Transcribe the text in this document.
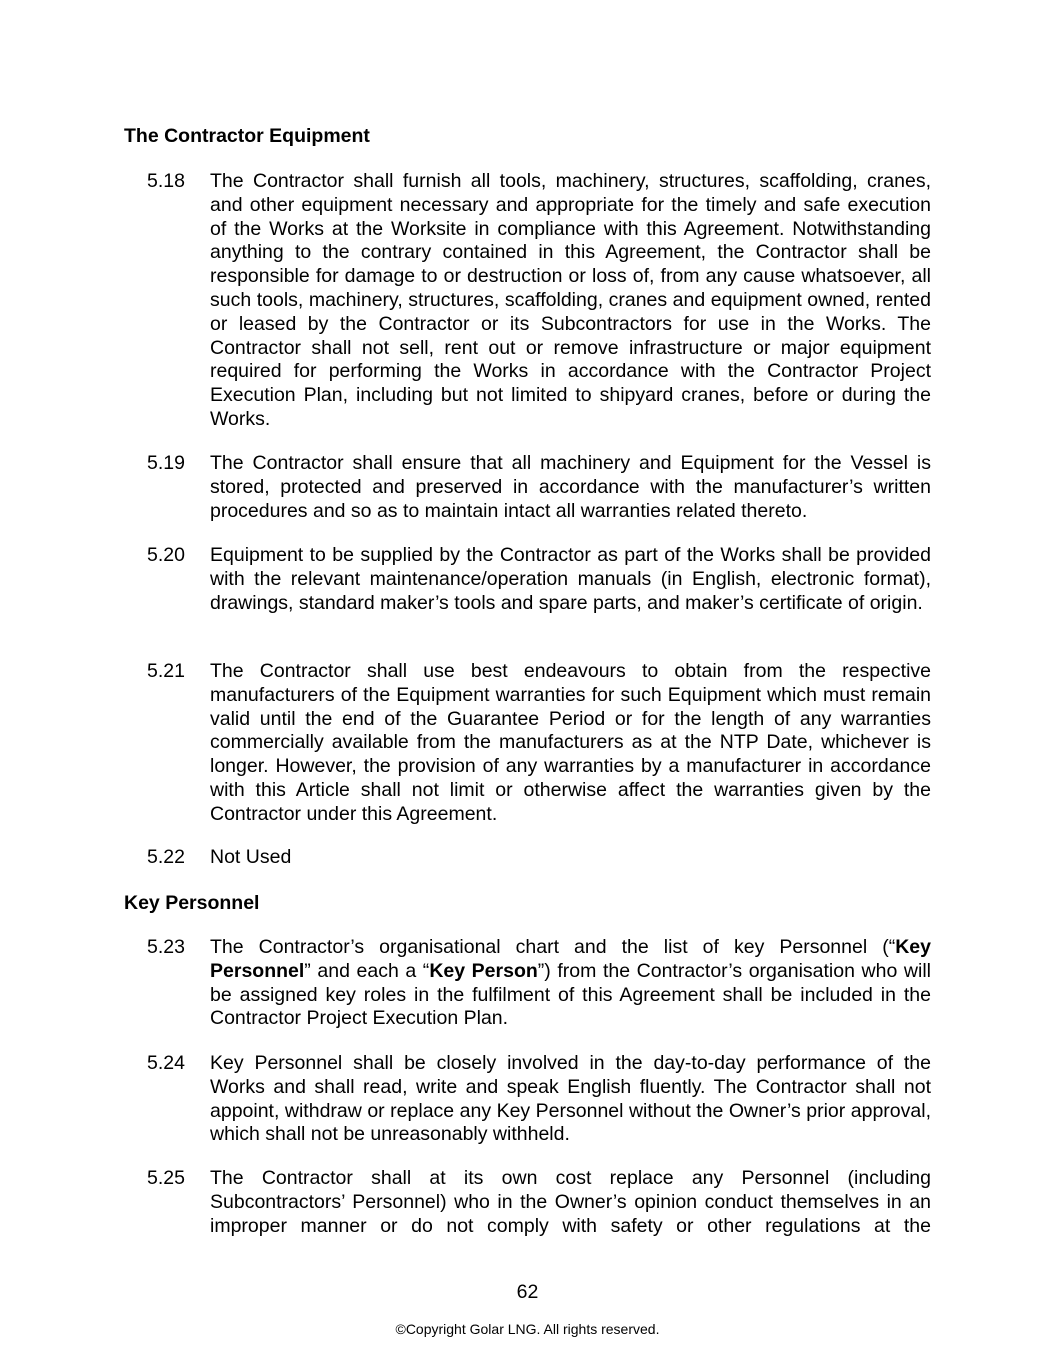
The Contractor Equipment
5.18	The Contractor shall furnish all tools, machinery, structures, scaffolding, cranes, and other equipment necessary and appropriate for the timely and safe execution of the Works at the Worksite in compliance with this Agreement. Notwithstanding anything to the contrary contained in this Agreement, the Contractor shall be responsible for damage to or destruction or loss of, from any cause whatsoever, all such tools, machinery, structures, scaffolding, cranes and equipment owned, rented or leased by the Contractor or its Subcontractors for use in the Works. The Contractor shall not sell, rent out or remove infrastructure or major equipment required for performing the Works in accordance with the Contractor Project Execution Plan, including but not limited to shipyard cranes, before or during the Works.
5.19	The Contractor shall ensure that all machinery and Equipment for the Vessel is stored, protected and preserved in accordance with the manufacturer’s written procedures and so as to maintain intact all warranties related thereto.
5.20	Equipment to be supplied by the Contractor as part of the Works shall be provided with the relevant maintenance/operation manuals (in English, electronic format), drawings, standard maker’s tools and spare parts, and maker’s certificate of origin.
5.21	The Contractor shall use best endeavours to obtain from the respective manufacturers of the Equipment warranties for such Equipment which must remain valid until the end of the Guarantee Period or for the length of any warranties commercially available from the manufacturers as at the NTP Date, whichever is longer. However, the provision of any warranties by a manufacturer in accordance with this Article shall not limit or otherwise affect the warranties given by the Contractor under this Agreement.
5.22	Not Used
Key Personnel
5.23	The Contractor’s organisational chart and the list of key Personnel (“Key Personnel” and each a “Key Person”) from the Contractor’s organisation who will be assigned key roles in the fulfilment of this Agreement shall be included in the Contractor Project Execution Plan.
5.24	Key Personnel shall be closely involved in the day-to-day performance of the Works and shall read, write and speak English fluently. The Contractor shall not appoint, withdraw or replace any Key Personnel without the Owner’s prior approval, which shall not be unreasonably withheld.
5.25	The Contractor shall at its own cost replace any Personnel (including Subcontractors’ Personnel) who in the Owner’s opinion conduct themselves in an improper manner or do not comply with safety or other regulations at the
62
©Copyright Golar LNG. All rights reserved.
